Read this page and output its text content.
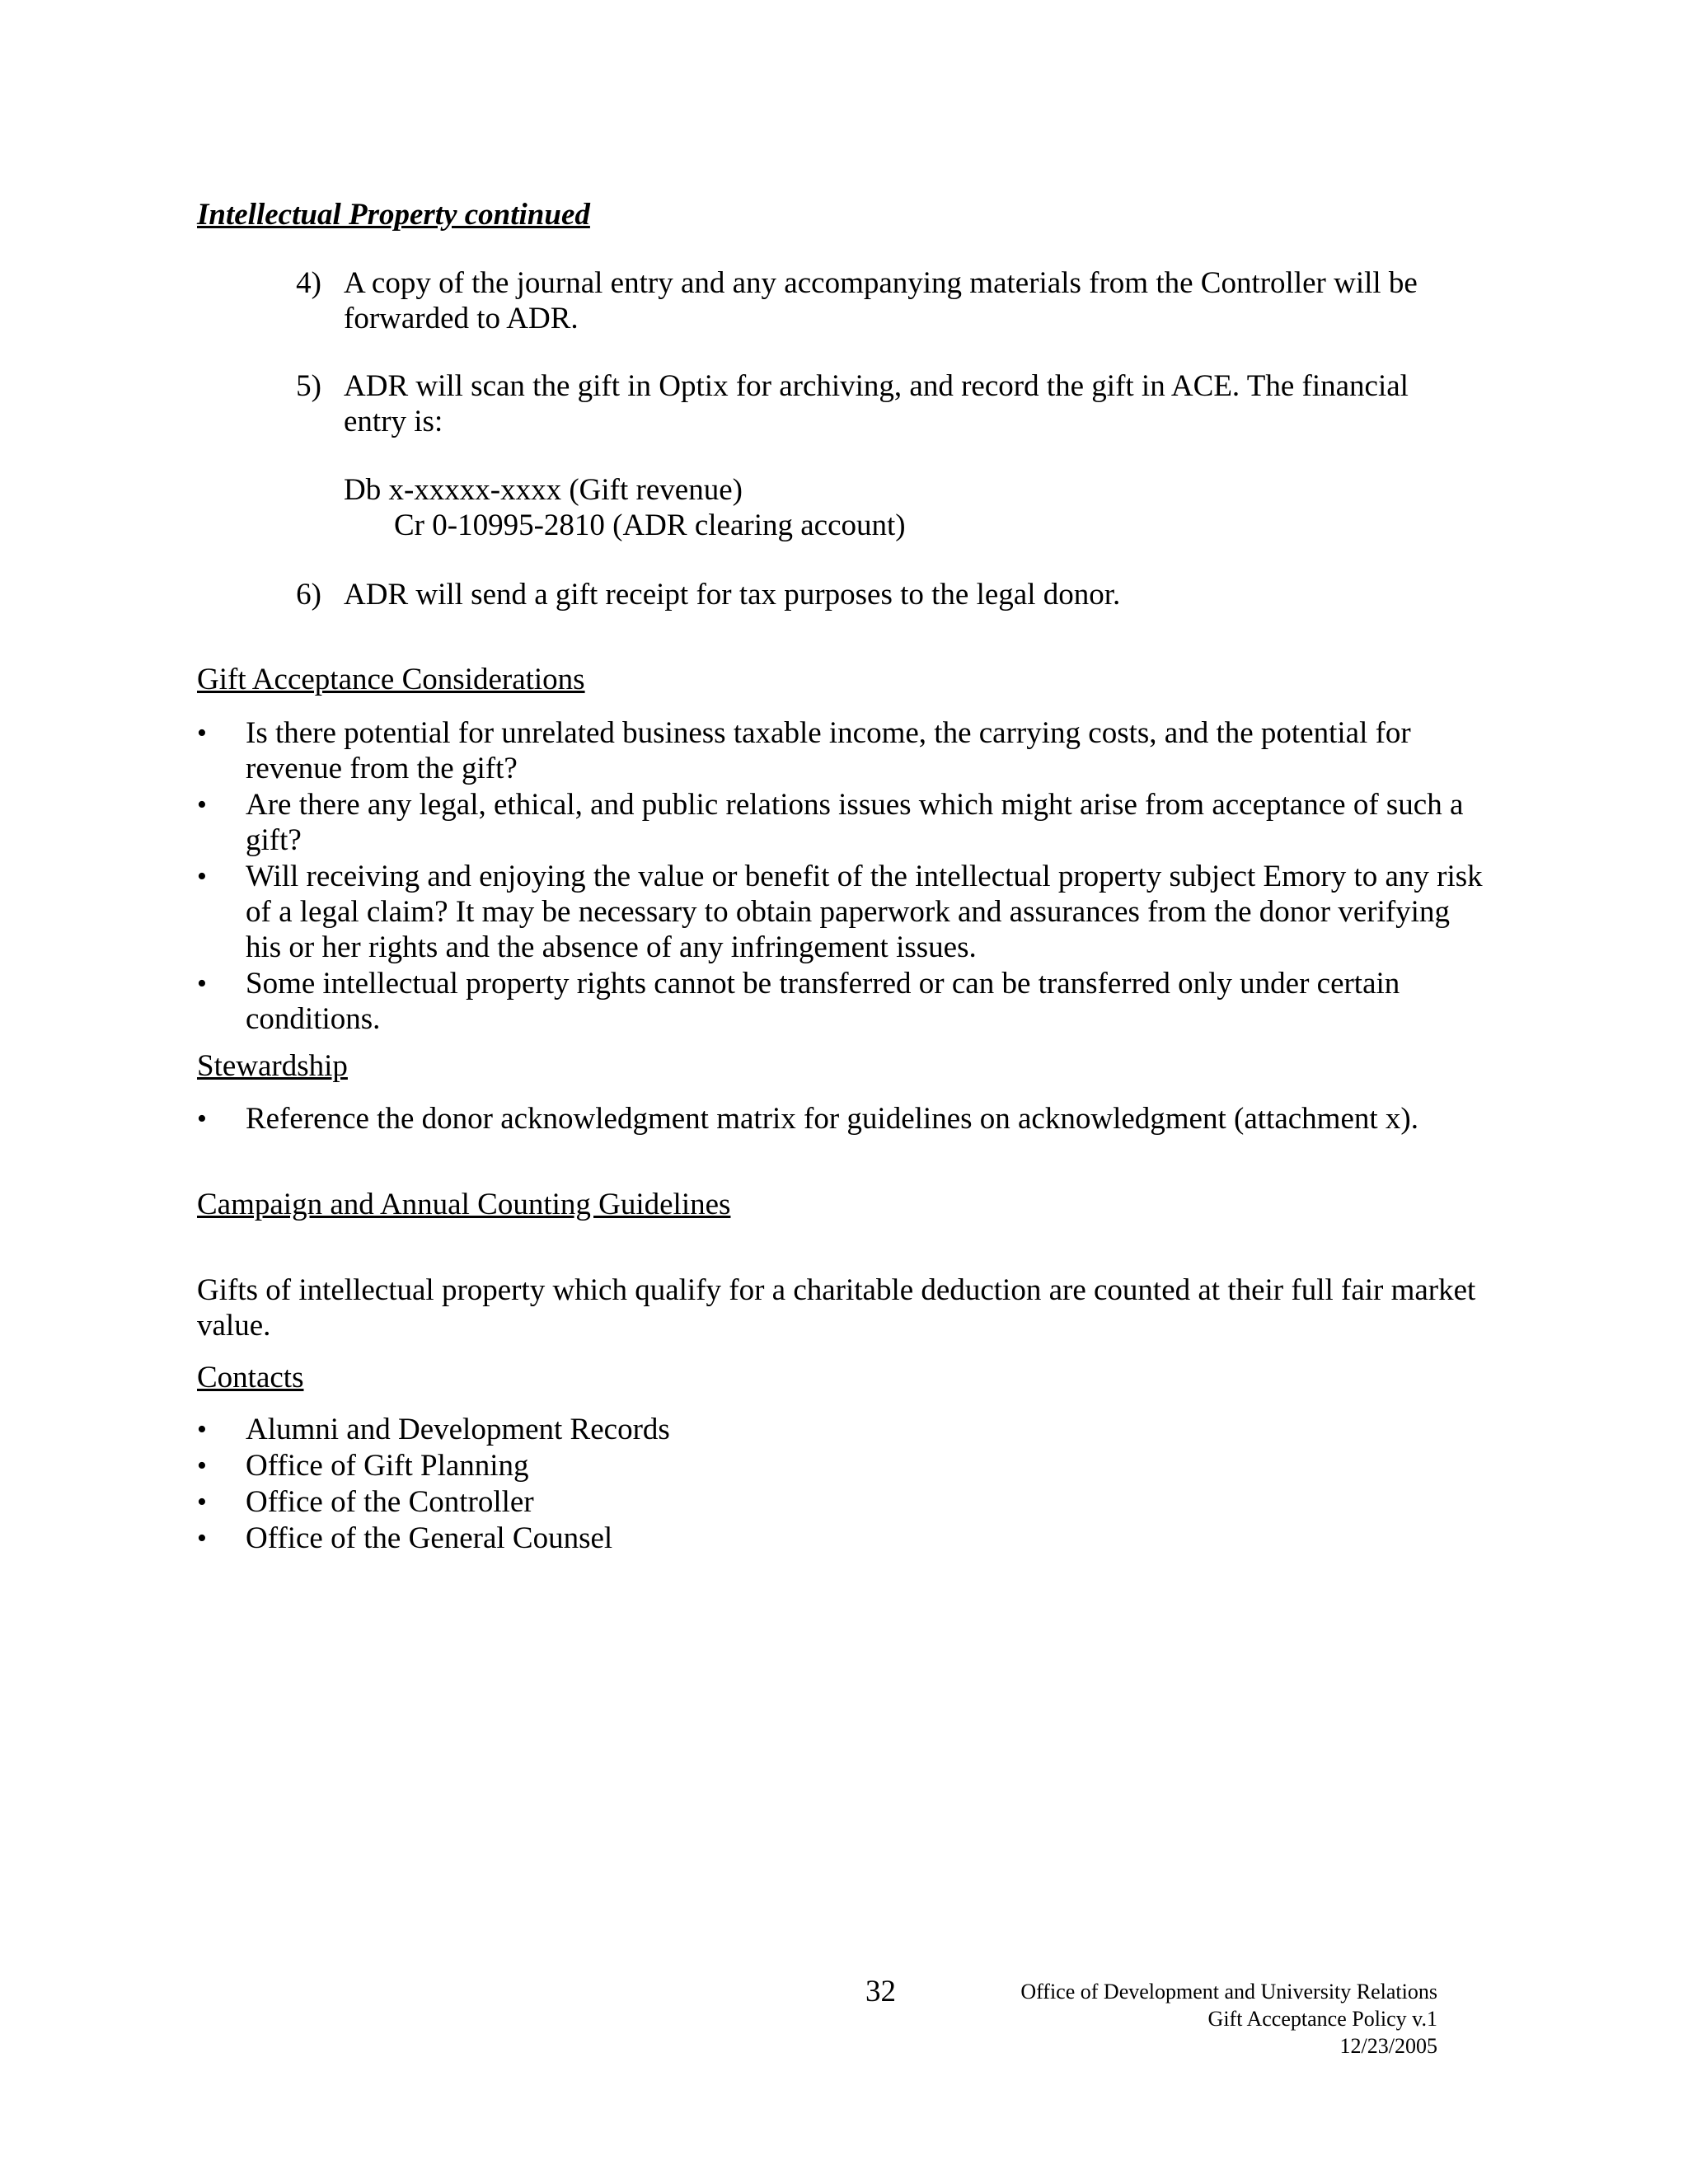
Intellectual Property continued
4) A copy of the journal entry and any accompanying materials from the Controller will be
forwarded to ADR.
5) ADR will scan the gift in Optix for archiving, and record the gift in ACE. The financial
entry is:
Db x-xxxxx-xxxx (Gift revenue)
Cr 0-10995-2810 (ADR clearing account)
6) ADR will send a gift receipt for tax purposes to the legal donor.
Gift Acceptance Considerations
• Is there potential for unrelated business taxable income, the carrying costs, and the potential for
revenue from the gift?
• Are there any legal, ethical, and public relations issues which might arise from acceptance of such a
gift?
• Will receiving and enjoying the value or benefit of the intellectual property subject Emory to any risk
of a legal claim? It may be necessary to obtain paperwork and assurances from the donor verifying
his or her rights and the absence of any infringement issues.
• Some intellectual property rights cannot be transferred or can be transferred only under certain
conditions.
Stewardship
• Reference the donor acknowledgment matrix for guidelines on acknowledgment (attachment x).
Campaign and Annual Counting Guidelines
Gifts of intellectual property which qualify for a charitable deduction are counted at their full fair market
value.
Contacts
• Alumni and Development Records
• Office of Gift Planning
• Office of the Controller
• Office of the General Counsel
32	Office of Development and University Relations
Gift Acceptance Policy v.1
12/23/2005
